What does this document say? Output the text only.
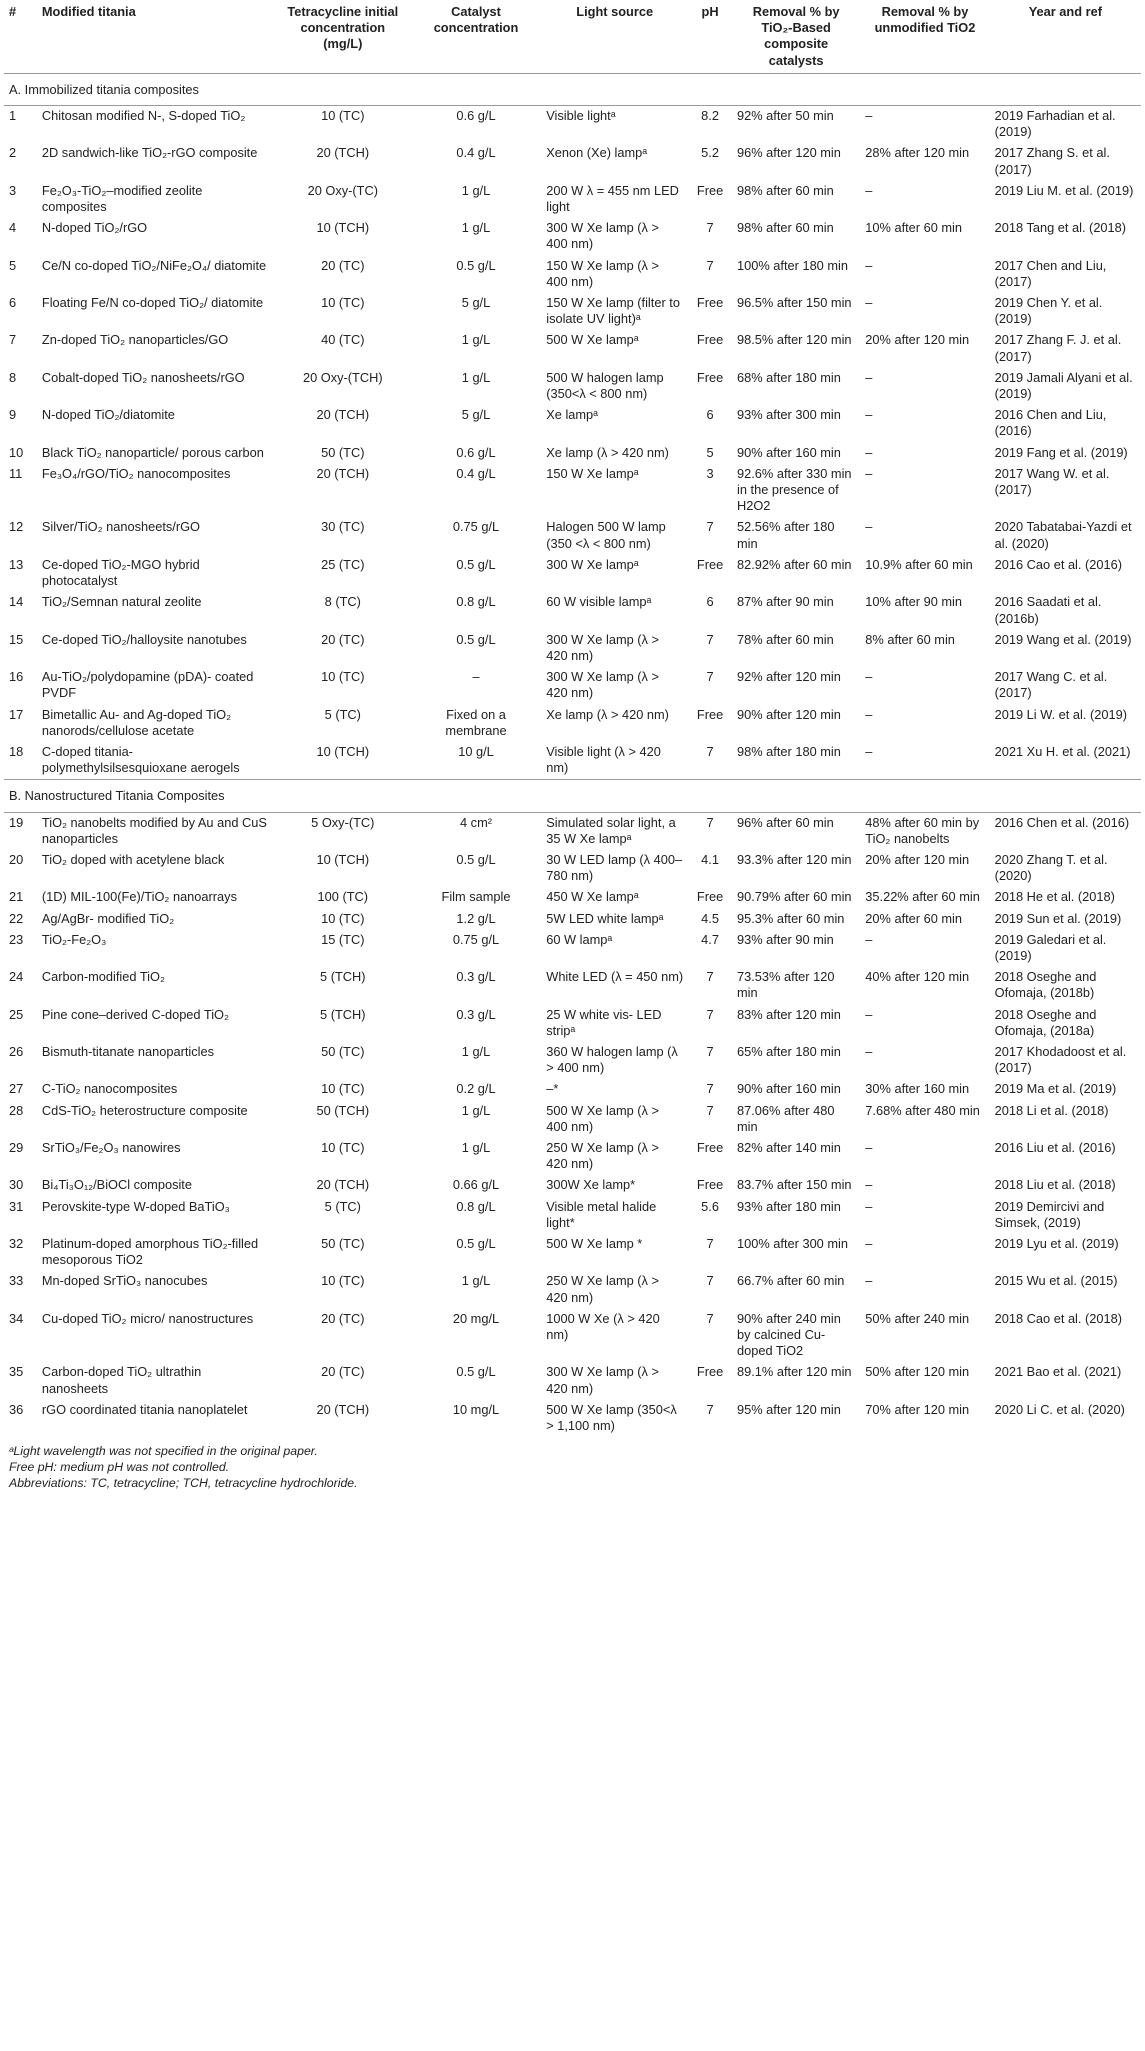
#	Modified titania	Tetracycline initial concentration (mg/L)	Catalyst concentration	Light source	pH	Removal % by TiO₂-Based composite catalysts	Removal % by unmodified TiO2	Year and ref
A. Immobilized titania composites								
1	Chitosan modified N-, S-doped TiO₂	10 (TC)	0.6 g/L	Visible lightᵃ	8.2	92% after 50 min	–	2019 Farhadian et al. (2019)
2	2D sandwich-like TiO₂-rGO composite	20 (TCH)	0.4 g/L	Xenon (Xe) lampᵃ	5.2	96% after 120 min	28% after 120 min	2017 Zhang S. et al. (2017)
3	Fe₂O₃-TiO₂–modified zeolite composites	20 Oxy-(TC)	1 g/L	200 W λ = 455 nm LED light	Free	98% after 60 min	–	2019 Liu M. et al. (2019)
4	N-doped TiO₂/rGO	10 (TCH)	1 g/L	300 W Xe lamp (λ > 400 nm)	7	98% after 60 min	10% after 60 min	2018 Tang et al. (2018)
5	Ce/N co-doped TiO₂/NiFe₂O₄/ diatomite	20 (TC)	0.5 g/L	150 W Xe lamp (λ > 400 nm)	7	100% after 180 min	–	2017 Chen and Liu, (2017)
6	Floating Fe/N co-doped TiO₂/ diatomite	10 (TC)	5 g/L	150 W Xe lamp (filter to isolate UV light)ᵃ	Free	96.5% after 150 min	–	2019 Chen Y. et al. (2019)
7	Zn-doped TiO₂ nanoparticles/GO	40 (TC)	1 g/L	500 W Xe lampᵃ	Free	98.5% after 120 min	20% after 120 min	2017 Zhang F. J. et al. (2017)
8	Cobalt-doped TiO₂ nanosheets/rGO	20 Oxy-(TCH)	1 g/L	500 W halogen lamp (350<λ < 800 nm)	Free	68% after 180 min	–	2019 Jamali Alyani et al. (2019)
9	N-doped TiO₂/diatomite	20 (TCH)	5 g/L	Xe lampᵃ	6	93% after 300 min	–	2016 Chen and Liu, (2016)
10	Black TiO₂ nanoparticle/ porous carbon	50 (TC)	0.6 g/L	Xe lamp (λ > 420 nm)	5	90% after 160 min	–	2019 Fang et al. (2019)
11	Fe₃O₄/rGO/TiO₂ nanocomposites	20 (TCH)	0.4 g/L	150 W Xe lampᵃ	3	92.6% after 330 min in the presence of H2O2	–	2017 Wang W. et al. (2017)
12	Silver/TiO₂ nanosheets/rGO	30 (TC)	0.75 g/L	Halogen 500 W lamp (350 <λ < 800 nm)	7	52.56% after 180 min	–	2020 Tabatabai-Yazdi et al. (2020)
13	Ce-doped TiO₂-MGO hybrid photocatalyst	25 (TC)	0.5 g/L	300 W Xe lampᵃ	Free	82.92% after 60 min	10.9% after 60 min	2016 Cao et al. (2016)
14	TiO₂/Semnan natural zeolite	8 (TC)	0.8 g/L	60 W visible lampᵃ	6	87% after 90 min	10% after 90 min	2016 Saadati et al. (2016b)
15	Ce-doped TiO₂/halloysite nanotubes	20 (TC)	0.5 g/L	300 W Xe lamp (λ > 420 nm)	7	78% after 60 min	8% after 60 min	2019 Wang et al. (2019)
16	Au-TiO₂/polydopamine (pDA)- coated PVDF	10 (TC)	–	300 W Xe lamp (λ > 420 nm)	7	92% after 120 min	–	2017 Wang C. et al. (2017)
17	Bimetallic Au- and Ag-doped TiO₂ nanorods/cellulose acetate	5 (TC)	Fixed on a membrane	Xe lamp (λ > 420 nm)	Free	90% after 120 min	–	2019 Li W. et al. (2019)
18	C-doped titania- polymethylsilsesquioxane aerogels	10 (TCH)	10 g/L	Visible light (λ > 420 nm)	7	98% after 180 min	–	2021 Xu H. et al. (2021)
B. Nanostructured Titania Composites								
19	TiO₂ nanobelts modified by Au and CuS nanoparticles	5 Oxy-(TC)	4 cm²	Simulated solar light, a 35 W Xe lampᵃ	7	96% after 60 min	48% after 60 min by TiO₂ nanobelts	2016 Chen et al. (2016)
20	TiO₂ doped with acetylene black	10 (TCH)	0.5 g/L	30 W LED lamp (λ 400–780 nm)	4.1	93.3% after 120 min	20% after 120 min	2020 Zhang T. et al. (2020)
21	(1D) MIL-100(Fe)/TiO₂ nanoarrays	100 (TC)	Film sample	450 W Xe lampᵃ	Free	90.79% after 60 min	35.22% after 60 min	2018 He et al. (2018)
22	Ag/AgBr- modified TiO₂	10 (TC)	1.2 g/L	5W LED white lampᵃ	4.5	95.3% after 60 min	20% after 60 min	2019 Sun et al. (2019)
23	TiO₂-Fe₂O₃	15 (TC)	0.75 g/L	60 W lampᵃ	4.7	93% after 90 min	–	2019 Galedari et al. (2019)
24	Carbon-modified TiO₂	5 (TCH)	0.3 g/L	White LED (λ = 450 nm)	7	73.53% after 120 min	40% after 120 min	2018 Oseghe and Ofomaja, (2018b)
25	Pine cone–derived C-doped TiO₂	5 (TCH)	0.3 g/L	25 W white vis- LED stripᵃ	7	83% after 120 min	–	2018 Oseghe and Ofomaja, (2018a)
26	Bismuth-titanate nanoparticles	50 (TC)	1 g/L	360 W halogen lamp (λ > 400 nm)	7	65% after 180 min	–	2017 Khodadoost et al. (2017)
27	C-TiO₂ nanocomposites	10 (TC)	0.2 g/L	–*	7	90% after 160 min	30% after 160 min	2019 Ma et al. (2019)
28	CdS-TiO₂ heterostructure composite	50 (TCH)	1 g/L	500 W Xe lamp (λ > 400 nm)	7	87.06% after 480 min	7.68% after 480 min	2018 Li et al. (2018)
29	SrTiO₃/Fe₂O₃ nanowires	10 (TC)	1 g/L	250 W Xe lamp (λ > 420 nm)	Free	82% after 140 min	–	2016 Liu et al. (2016)
30	Bi₄Ti₃O₁₂/BiOCl composite	20 (TCH)	0.66 g/L	300W Xe lamp*	Free	83.7% after 150 min	–	2018 Liu et al. (2018)
31	Perovskite-type W-doped BaTiO₃	5 (TC)	0.8 g/L	Visible metal halide light*	5.6	93% after 180 min	–	2019 Demircivi and Simsek, (2019)
32	Platinum-doped amorphous TiO₂-filled mesoporous TiO2	50 (TC)	0.5 g/L	500 W Xe lamp *	7	100% after 300 min	–	2019 Lyu et al. (2019)
33	Mn-doped SrTiO₃ nanocubes	10 (TC)	1 g/L	250 W Xe lamp (λ > 420 nm)	7	66.7% after 60 min	–	2015 Wu et al. (2015)
34	Cu-doped TiO₂ micro/ nanostructures	20 (TC)	20 mg/L	1000 W Xe (λ > 420 nm)	7	90% after 240 min by calcined Cu- doped TiO2	50% after 240 min	2018 Cao et al. (2018)
35	Carbon-doped TiO₂ ultrathin nanosheets	20 (TC)	0.5 g/L	300 W Xe lamp (λ > 420 nm)	Free	89.1% after 120 min	50% after 120 min	2021 Bao et al. (2021)
36	rGO coordinated titania nanoplatelet	20 (TCH)	10 mg/L	500 W Xe lamp (350<λ > 1,100 nm)	7	95% after 120 min	70% after 120 min	2020 Li C. et al. (2020)
ᵃLight wavelength was not specified in the original paper.
Free pH: medium pH was not controlled.
Abbreviations: TC, tetracycline; TCH, tetracycline hydrochloride.
